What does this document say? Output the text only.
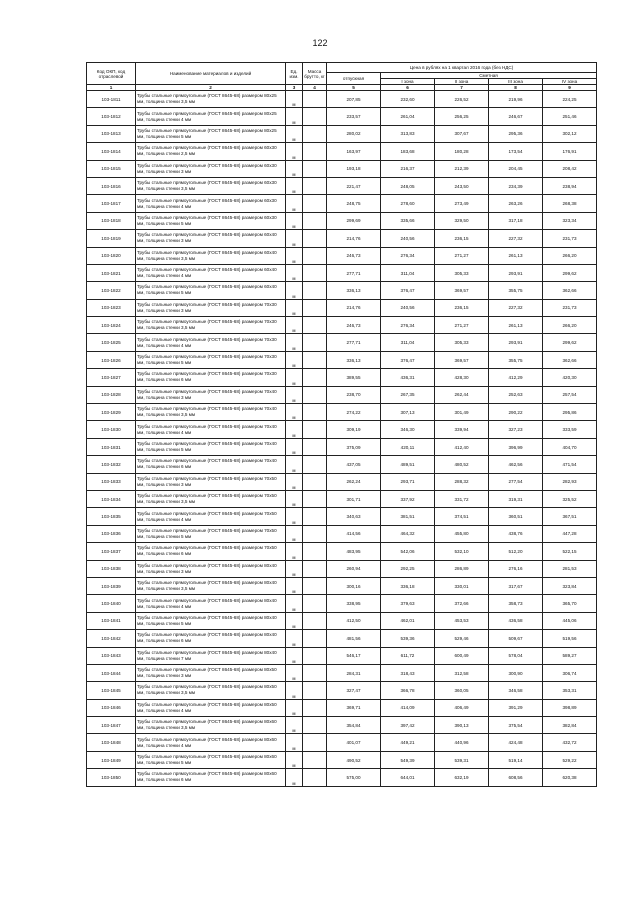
122
Код ОКП, код отраслевой	Наименование материалов и изделий	Ед. изм.	Масса брутто, кг	Цена в рублях на 1 квартал 2016 года (без НДС)				
				отпускная	Сметная			
					I зона	II зона	III зона	IV зона
1	2	3	4	5	6	7	8	9
103-1811	Трубы стальные прямоугольные (ГОСТ 8645-68) размером 80х25 мм, толщина стенки 3,5 мм	м		207,85	232,60	226,52	219,96	224,25
103-1812	Трубы стальные прямоугольные (ГОСТ 8645-68) размером 80х25 мм, толщина стенки 4 мм	м		233,57	261,04	256,25	246,67	251,46
103-1813	Трубы стальные прямоугольные (ГОСТ 8645-68) размером 80х25 мм, толщина стенки 5 мм	м		280,02	313,83	307,67	295,36	302,12
103-1814	Трубы стальные прямоугольные (ГОСТ 8645-68) размером 60х30 мм, толщина стенки 2,5 мм	м		163,97	183,68	180,28	173,54	176,91
103-1815	Трубы стальные прямоугольные (ГОСТ 8645-68) размером 60х30 мм, толщина стенки 3 мм	м		193,18	216,37	212,39	204,45	208,42
103-1816	Трубы стальные прямоугольные (ГОСТ 8645-68) размером 60х30 мм, толщина стенки 3,5 мм	м		221,47	248,05	243,50	234,39	238,94
103-1817	Трубы стальные прямоугольные (ГОСТ 8645-68) размером 60х30 мм, толщина стенки 4 мм	м		248,75	278,60	273,49	263,26	268,38
103-1818	Трубы стальные прямоугольные (ГОСТ 8645-68) размером 60х30 мм, толщина стенки 5 мм	м		299,69	335,66	329,50	317,18	323,34
103-1819	Трубы стальные прямоугольные (ГОСТ 8645-68) размером 60х40 мм, толщина стенки 3 мм	м		214,76	240,56	236,15	227,32	231,73
103-1820	Трубы стальные прямоугольные (ГОСТ 8645-68) размером 60х40 мм, толщина стенки 3,5 мм	м		246,73	276,34	271,27	261,13	266,20
103-1821	Трубы стальные прямоугольные (ГОСТ 8645-68) размером 60х40 мм, толщина стенки 4 мм	м		277,71	311,04	305,33	293,91	299,62
103-1822	Трубы стальные прямоугольные (ГОСТ 8645-68) размером 60х40 мм, толщина стенки 5 мм	м		336,13	376,47	369,57	355,75	362,66
103-1823	Трубы стальные прямоугольные (ГОСТ 8645-68) размером 70х30 мм, толщина стенки 3 мм	м		214,76	240,56	236,15	227,32	231,73
103-1824	Трубы стальные прямоугольные (ГОСТ 8645-68) размером 70х30 мм, толщина стенки 3,5 мм	м		246,73	276,34	271,27	261,13	266,20
103-1825	Трубы стальные прямоугольные (ГОСТ 8645-68) размером 70х30 мм, толщина стенки 4 мм	м		277,71	311,04	305,33	293,91	299,62
103-1826	Трубы стальные прямоугольные (ГОСТ 8645-68) размером 70х30 мм, толщина стенки 5 мм	м		336,13	376,47	369,57	355,75	362,66
103-1827	Трубы стальные прямоугольные (ГОСТ 8645-68) размером 70х30 мм, толщина стенки 6 мм	м		389,55	436,31	428,30	412,29	420,30
103-1828	Трубы стальные прямоугольные (ГОСТ 8645-68) размером 70х40 мм, толщина стенки 3 мм	м		238,70	267,35	262,44	252,63	257,54
103-1829	Трубы стальные прямоугольные (ГОСТ 8645-68) размером 70х40 мм, толщина стенки 3,5 мм	м		274,22	307,13	301,49	290,22	295,86
103-1830	Трубы стальные прямоугольные (ГОСТ 8645-68) размером 70х40 мм, толщина стенки 4 мм	м		309,19	346,30	339,94	327,23	333,59
103-1831	Трубы стальные прямоугольные (ГОСТ 8645-68) размером 70х40 мм, толщина стенки 5 мм	м		375,09	420,11	412,40	396,99	404,70
103-1832	Трубы стальные прямоугольные (ГОСТ 8645-68) размером 70х40 мм, толщина стенки 6 мм	м		437,05	489,51	480,52	462,56	471,54
103-1833	Трубы стальные прямоугольные (ГОСТ 8645-68) размером 70х50 мм, толщина стенки 3 мм	м		262,24	293,71	288,32	277,54	282,93
103-1834	Трубы стальные прямоугольные (ГОСТ 8645-68) размером 70х50 мм, толщина стенки 3,5 мм	м		301,71	337,92	331,72	319,31	325,52
103-1835	Трубы стальные прямоугольные (ГОСТ 8645-68) размером 70х50 мм, толщина стенки 4 мм	м		340,63	381,51	374,51	360,51	367,51
103-1836	Трубы стальные прямоугольные (ГОСТ 8645-68) размером 70х50 мм, толщина стенки 5 мм	м		414,56	464,32	455,80	438,76	447,28
103-1837	Трубы стальные прямоугольные (ГОСТ 8645-68) размером 70х50 мм, толщина стенки 6 мм	м		483,95	542,06	532,10	512,20	522,15
103-1838	Трубы стальные прямоугольные (ГОСТ 8645-68) размером 80х40 мм, толщина стенки 3 мм	м		260,94	292,25	286,89	276,16	281,53
103-1839	Трубы стальные прямоугольные (ГОСТ 8645-68) размером 80х40 мм, толщина стенки 3,5 мм	м		300,16	336,18	330,01	317,67	323,84
103-1840	Трубы стальные прямоугольные (ГОСТ 8645-68) размером 80х40 мм, толщина стенки 4 мм	м		338,95	379,63	372,66	358,73	365,70
103-1841	Трубы стальные прямоугольные (ГОСТ 8645-68) размером 80х40 мм, толщина стенки 5 мм	м		412,50	462,01	453,53	436,58	445,06
103-1842	Трубы стальные прямоугольные (ГОСТ 8645-68) размером 80х40 мм, толщина стенки 6 мм	м		481,56	539,36	529,46	509,67	519,56
103-1843	Трубы стальные прямоугольные (ГОСТ 8645-68) размером 80х40 мм, толщина стенки 7 мм	м		546,17	611,72	600,49	578,04	589,27
103-1844	Трубы стальные прямоугольные (ГОСТ 8645-68) размером 80х50 мм, толщина стенки 3 мм	м		284,31	318,43	312,58	300,90	306,74
103-1845	Трубы стальные прямоугольные (ГОСТ 8645-68) размером 80х50 мм, толщина стенки 3,5 мм	м		327,47	366,78	360,05	346,58	353,31
103-1846	Трубы стальные прямоугольные (ГОСТ 8645-68) размером 80х50 мм, толщина стенки 4 мм	м		369,71	414,09	406,49	391,29	398,89
103-1847	Трубы стальные прямоугольные (ГОСТ 8645-68) размером 80х60 мм, толщина стенки 3,5 мм	м		354,84	397,42	390,13	375,54	382,84
103-1848	Трубы стальные прямоугольные (ГОСТ 8645-68) размером 80х60 мм, толщина стенки 4 мм	м		401,07	449,21	440,96	424,48	432,72
103-1849	Трубы стальные прямоугольные (ГОСТ 8645-68) размером 80х60 мм, толщина стенки 5 мм	м		490,52	549,39	539,31	519,14	529,22
103-1850	Трубы стальные прямоугольные (ГОСТ 8645-68) размером 80х60 мм, толщина стенки 6 мм	м		575,00	644,01	632,19	608,56	620,38
